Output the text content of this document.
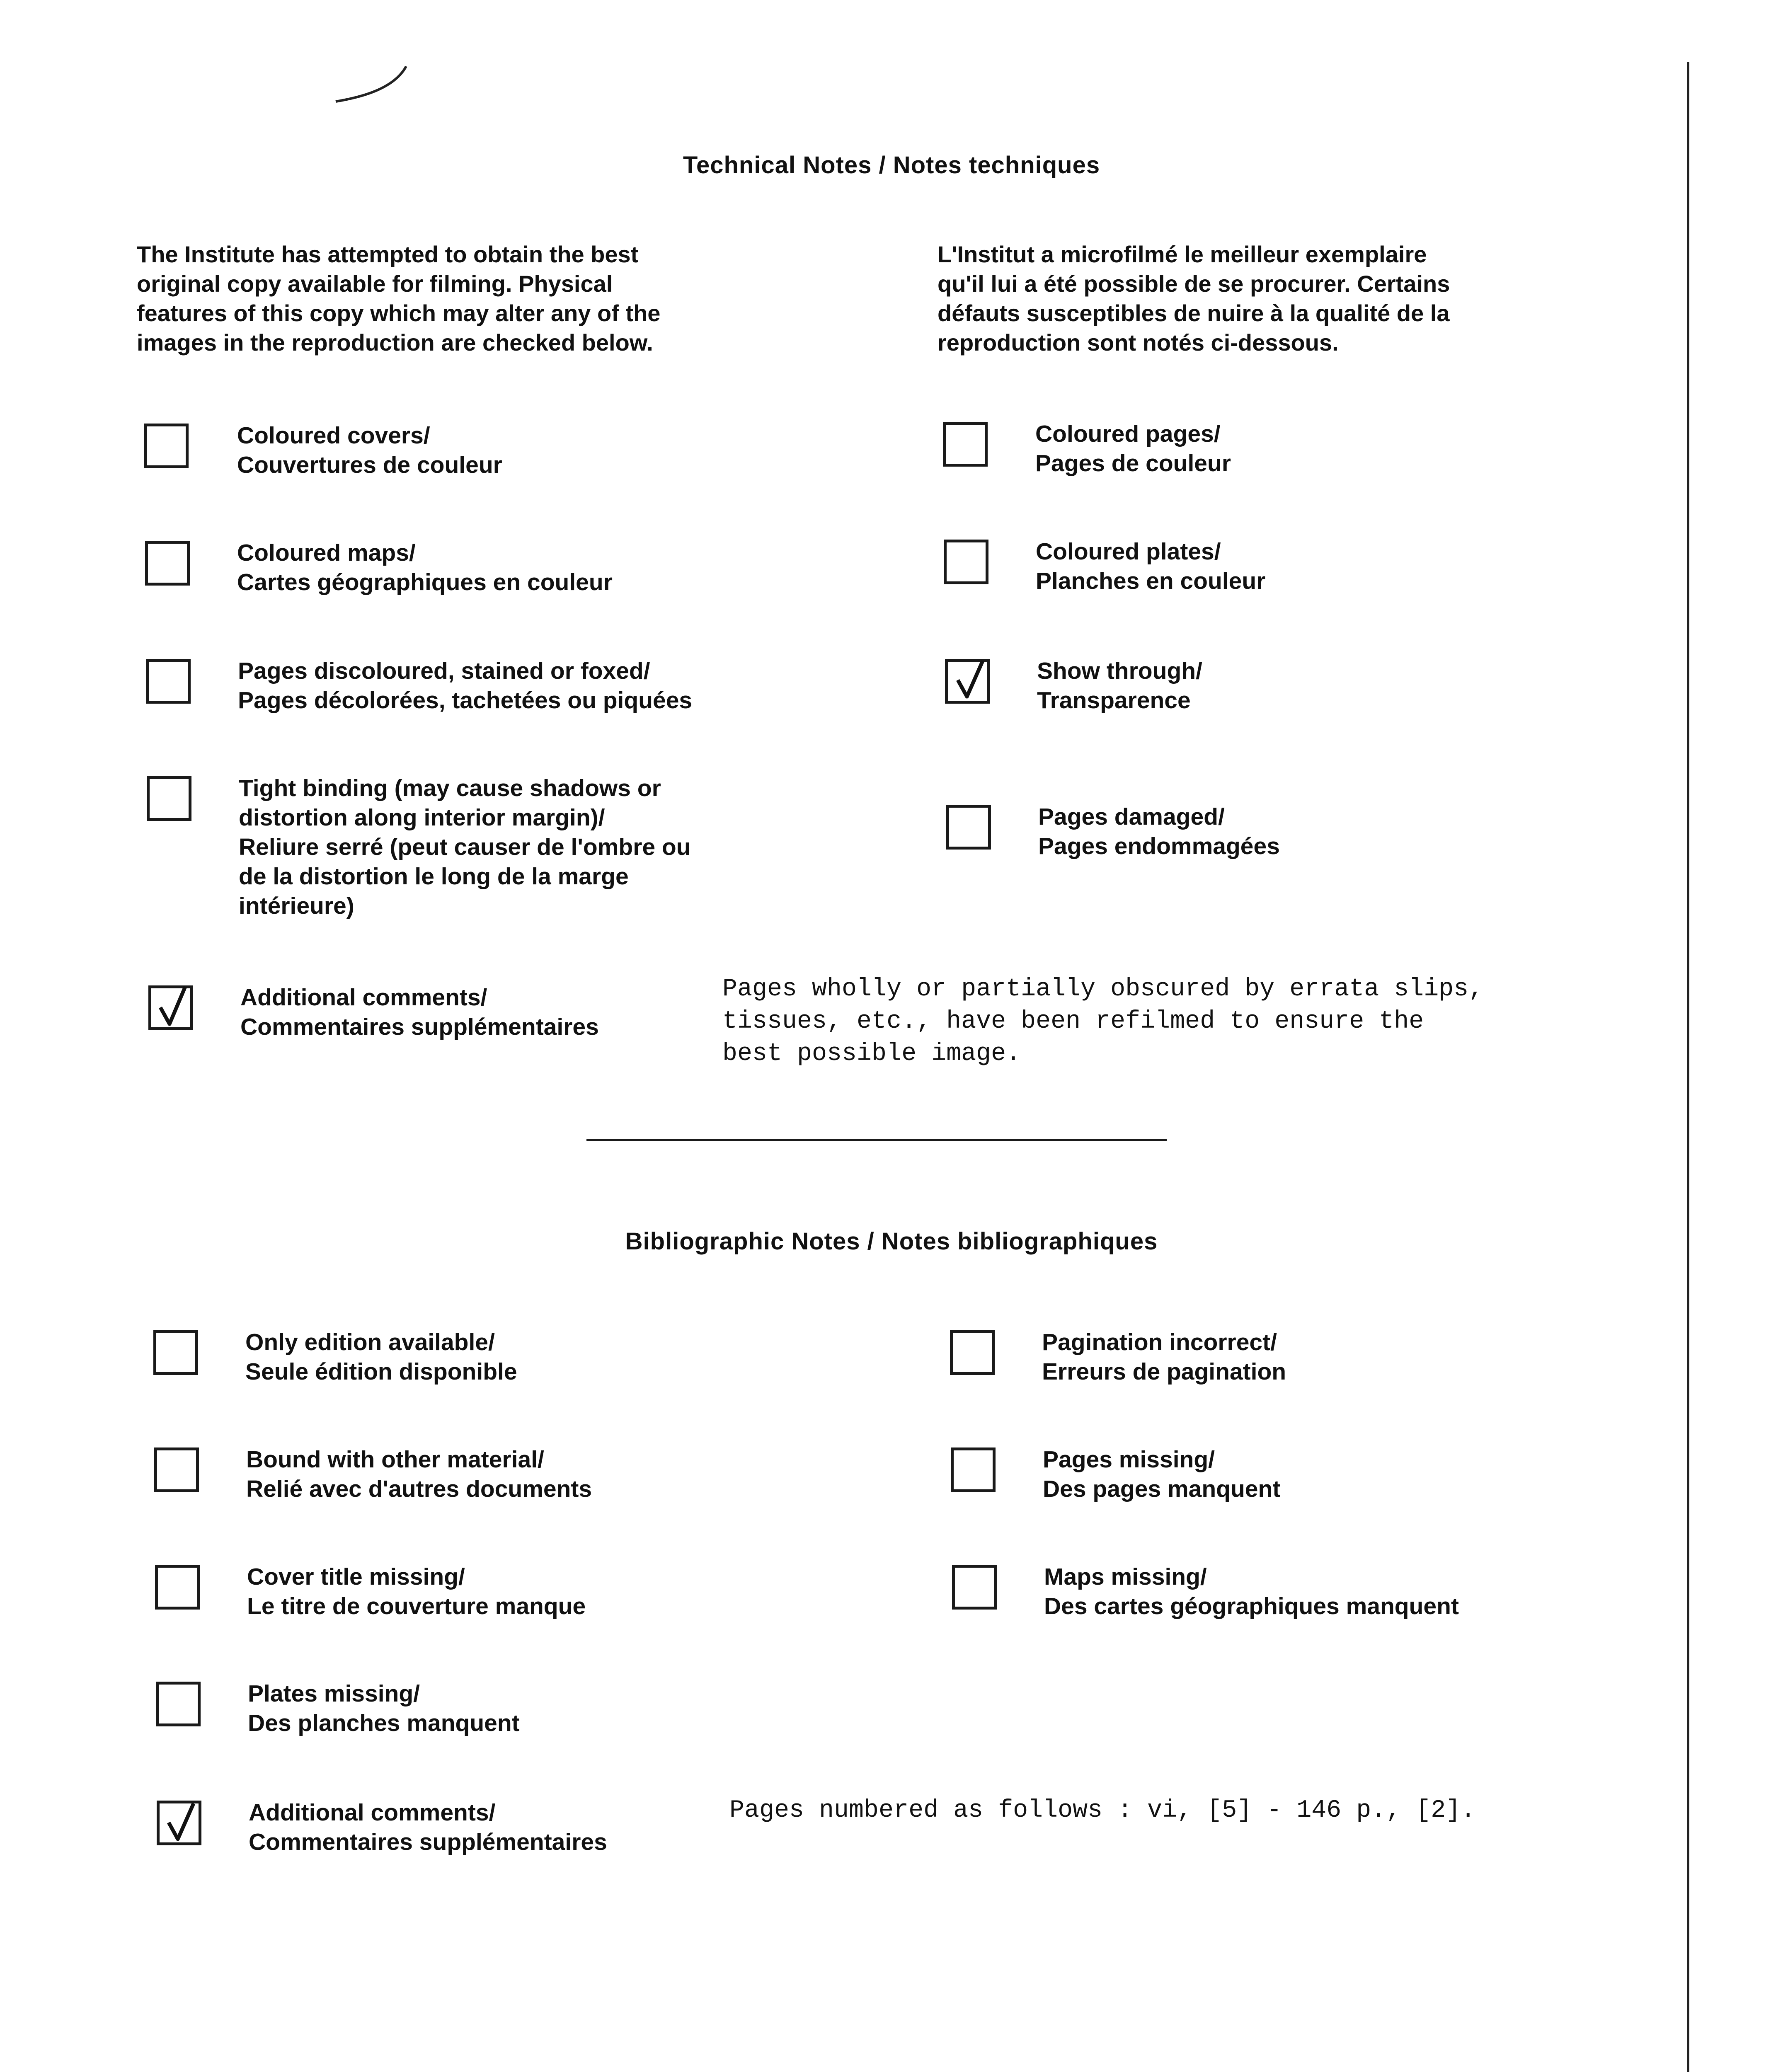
Technical Notes / Notes techniques
The Institute has attempted to obtain the best
original copy available for filming. Physical
features of this copy which may alter any of the
images in the reproduction are checked below.
L'Institut a microfilmé le meilleur exemplaire
qu'il lui a été possible de se procurer. Certains
défauts susceptibles de nuire à la qualité de la
reproduction sont notés ci-dessous.
Coloured covers/
Couvertures de couleur
Coloured pages/
Pages de couleur
Coloured maps/
Cartes géographiques en couleur
Coloured plates/
Planches en couleur
Pages discoloured, stained or foxed/
Pages décolorées, tachetées ou piquées
Show through/
Transparence
Tight binding (may cause shadows or
distortion along interior margin)/
Reliure serré (peut causer de l'ombre ou
de la distortion le long de la marge
intérieure)
Pages damaged/
Pages endommagées
Additional comments/
Commentaires supplémentaires
Pages wholly or partially obscured by errata slips,
tissues, etc., have been refilmed to ensure the
best possible image.
Bibliographic Notes / Notes bibliographiques
Only edition available/
Seule édition disponible
Pagination incorrect/
Erreurs de pagination
Bound with other material/
Relié avec d'autres documents
Pages missing/
Des pages manquent
Cover title missing/
Le titre de couverture manque
Maps missing/
Des cartes géographiques manquent
Plates missing/
Des planches manquent
Additional comments/
Commentaires supplémentaires
Pages numbered as follows : vi, [5] - 146 p., [2].
